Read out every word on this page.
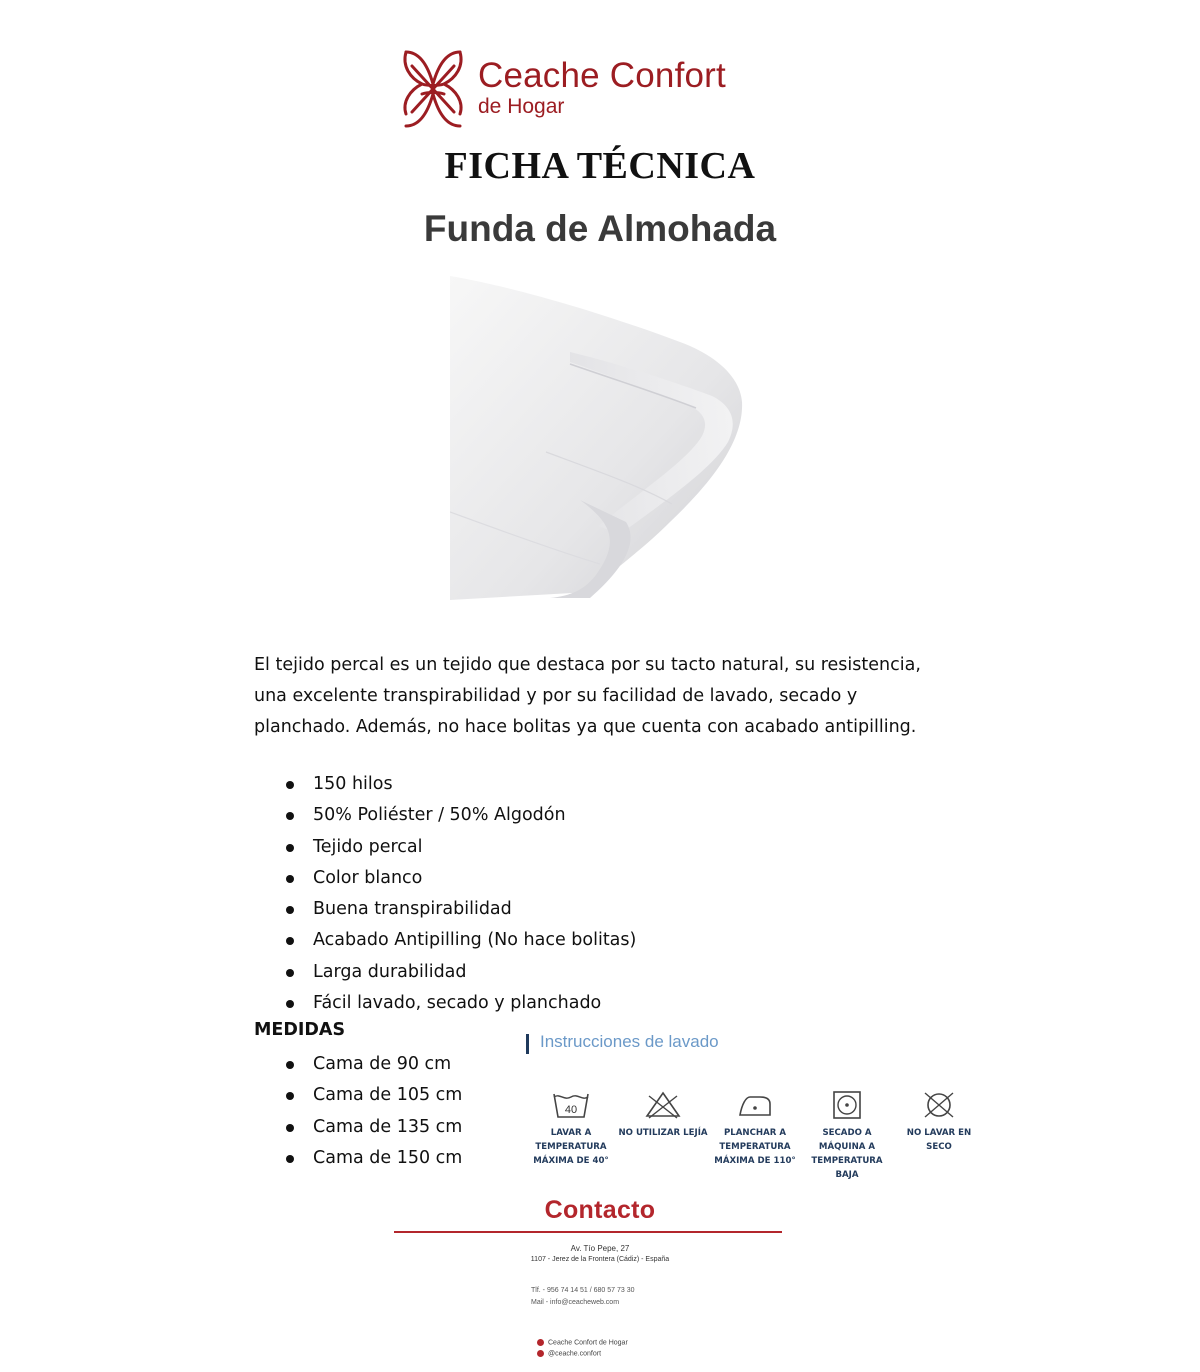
Ceache Confort
de Hogar
FICHA TÉCNICA
Funda de Almohada

El tejido percal es un tejido que destaca por su tacto natural, su resistencia, una excelente transpirabilidad y por su facilidad de lavado, secado y planchado. Además, no hace bolitas ya que cuenta con acabado antipilling.

150 hilos
50% Poliéster / 50% Algodón
Tejido percal
Color blanco
Buena transpirabilidad
Acabado Antipilling (No hace bolitas)
Larga durabilidad
Fácil lavado, secado y planchado
MEDIDAS
Cama de 90 cm
Cama de 105 cm
Cama de 135 cm
Cama de 150 cm
Instrucciones de lavado
40
LAVAR A TEMPERATURA MÁXIMA DE 40°
NO UTILIZAR LEJÍA	PLANCHAR A TEMPERATURA MÁXIMA DE 110°
SECADO A MÁQUINA A TEMPERATURA BAJA
NO LAVAR EN SECO
Contacto
Av. Tío Pepe, 27
1107 - Jerez de la Frontera (Cádiz) - España
Tlf. - 956 74 14 51 / 680 57 73 30
Mail - info@ceacheweb.com
Ceache Confort de Hogar
@ceache.confort
